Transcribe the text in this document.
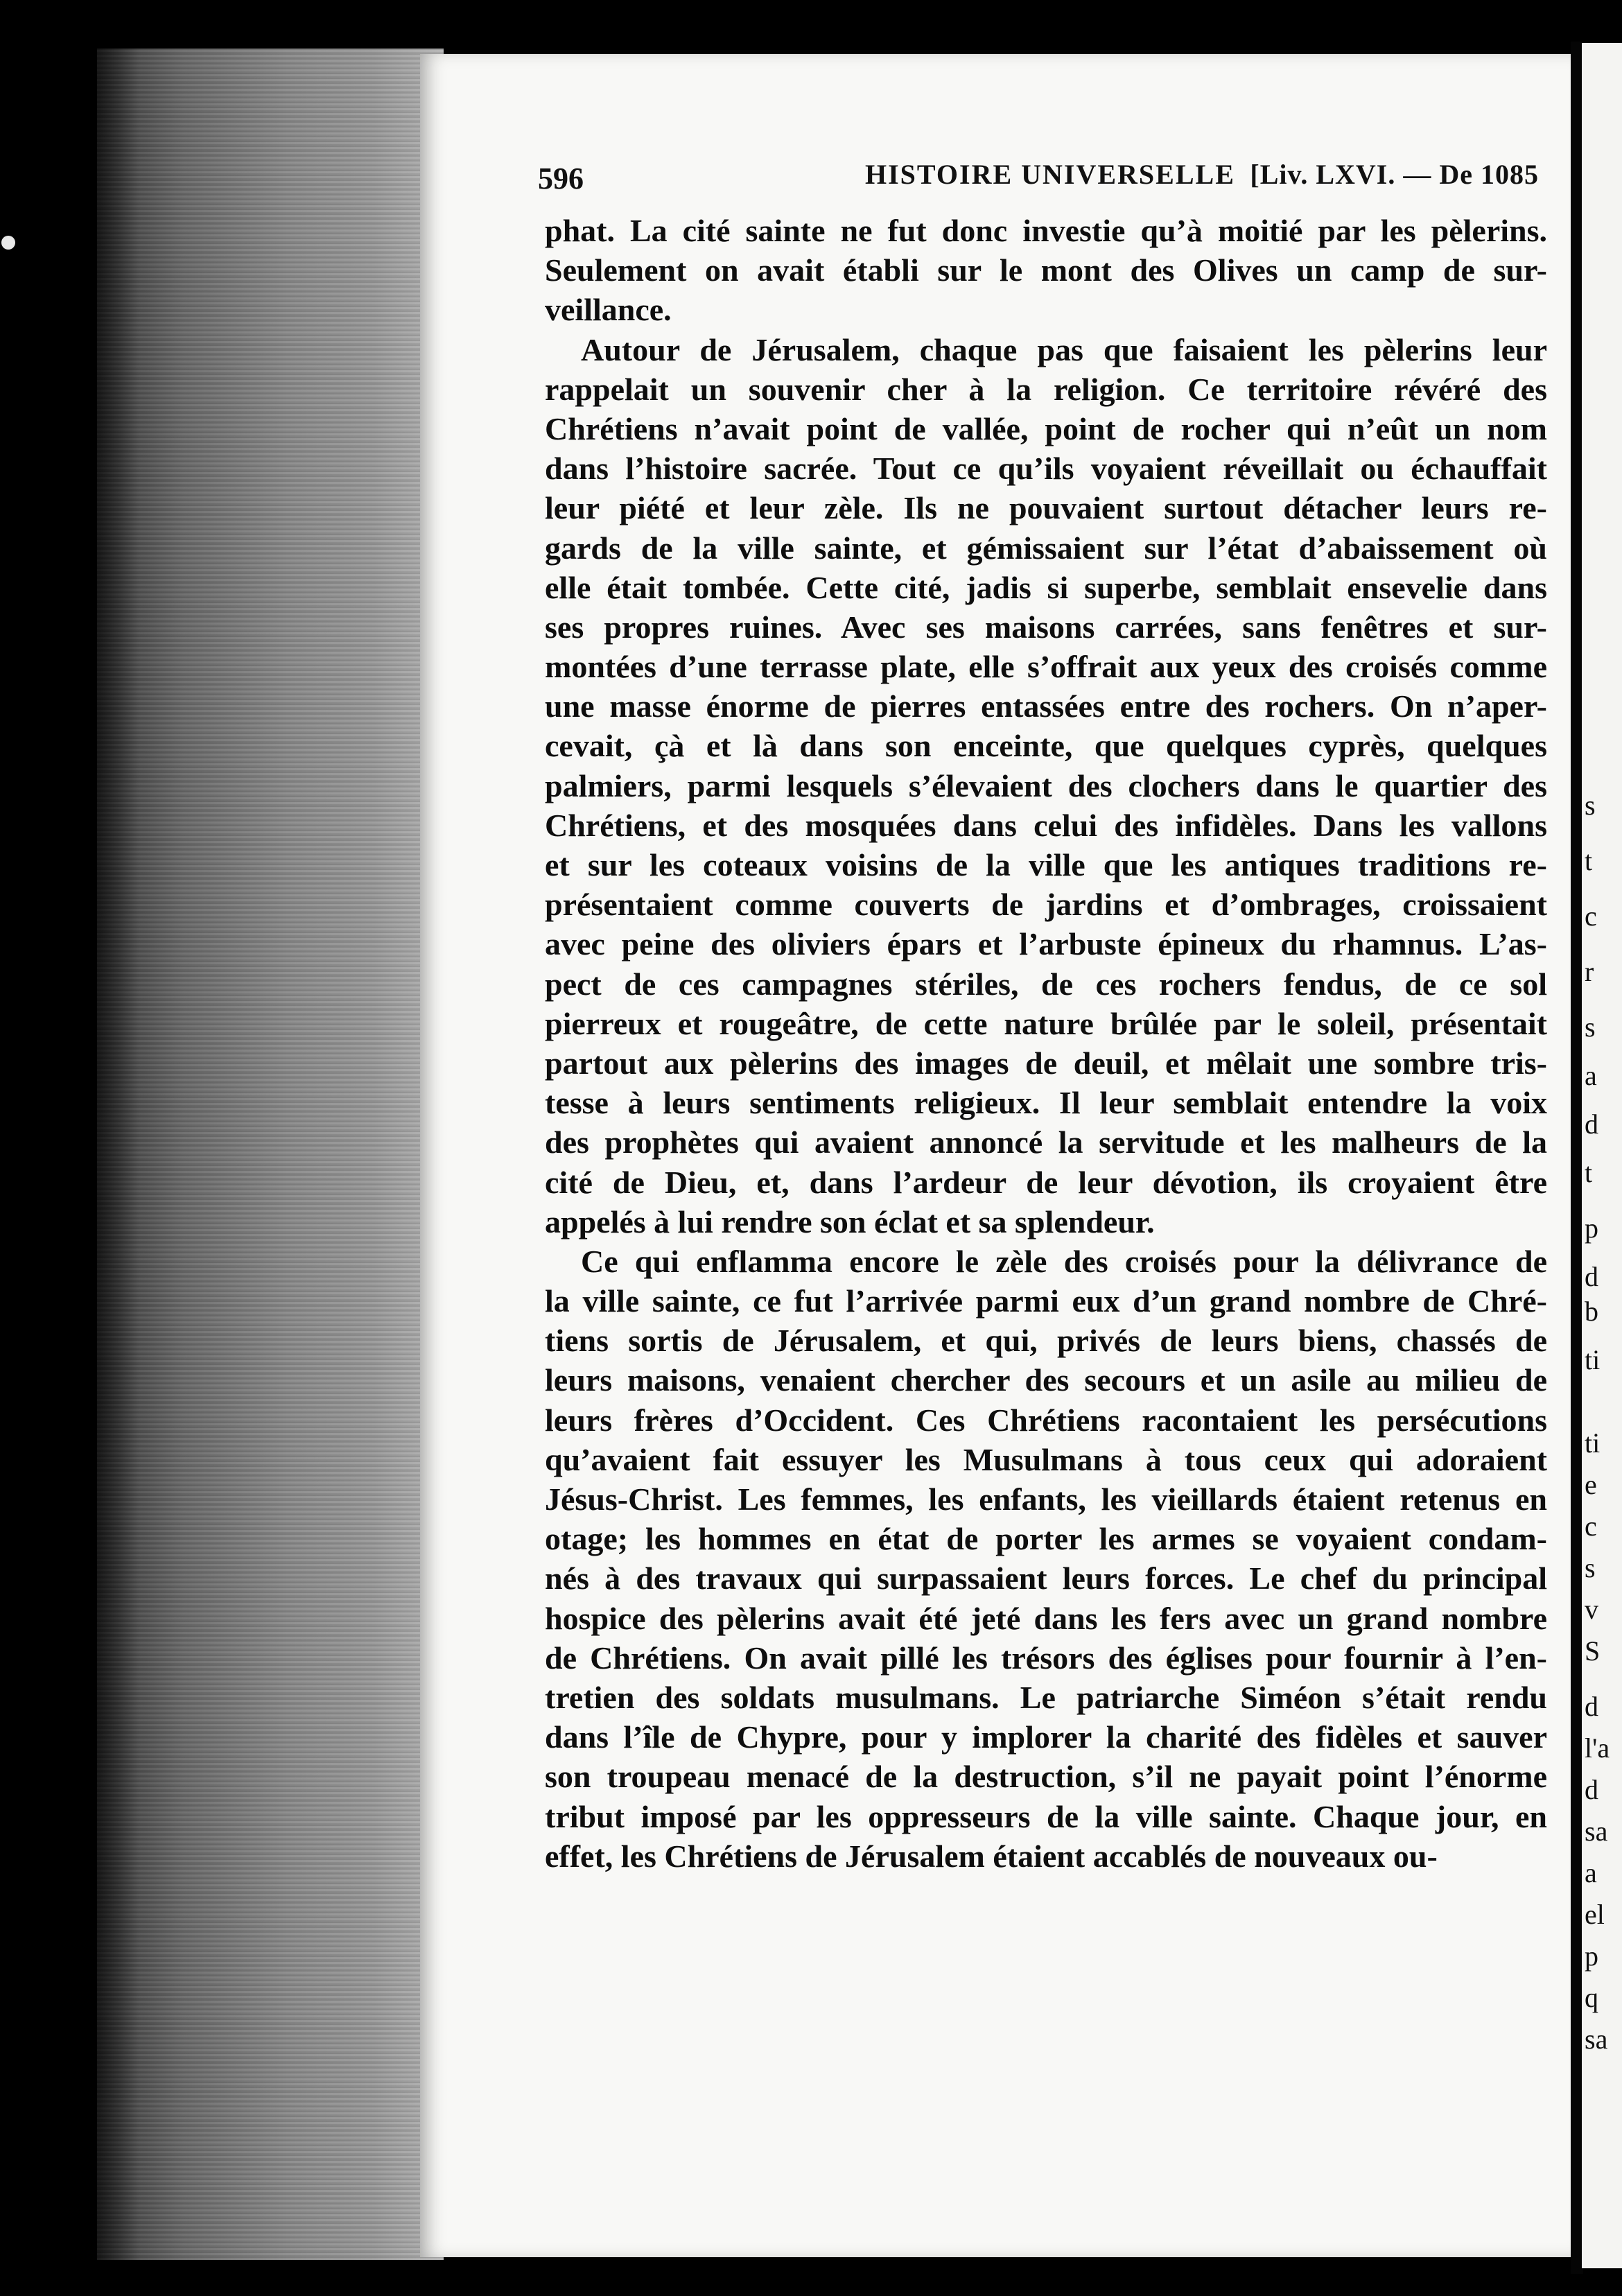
s
t
c
r
s
a
d
t
p
d
b
ti
ti
e
c
s
v
S
d
l'a
d
sa
a
el
p
q
sa
596	HISTOIRE UNIVERSELLE [Liv. LXVI. — De 1085
phat. La cité sainte ne fut donc investie qu’à moitié par les pèlerins.
Seulement on avait établi sur le mont des Olives un camp de sur-
veillance.
Autour de Jérusalem, chaque pas que faisaient les pèlerins leur
rappelait un souvenir cher à la religion. Ce territoire révéré des
Chrétiens n’avait point de vallée, point de rocher qui n’eût un nom
dans l’histoire sacrée. Tout ce qu’ils voyaient réveillait ou échauffait
leur piété et leur zèle. Ils ne pouvaient surtout détacher leurs re-
gards de la ville sainte, et gémissaient sur l’état d’abaissement où
elle était tombée. Cette cité, jadis si superbe, semblait ensevelie dans
ses propres ruines. Avec ses maisons carrées, sans fenêtres et sur-
montées d’une terrasse plate, elle s’offrait aux yeux des croisés comme
une masse énorme de pierres entassées entre des rochers. On n’aper-
cevait, çà et là dans son enceinte, que quelques cyprès, quelques
palmiers, parmi lesquels s’élevaient des clochers dans le quartier des
Chrétiens, et des mosquées dans celui des infidèles. Dans les vallons
et sur les coteaux voisins de la ville que les antiques traditions re-
présentaient comme couverts de jardins et d’ombrages, croissaient
avec peine des oliviers épars et l’arbuste épineux du rhamnus. L’as-
pect de ces campagnes stériles, de ces rochers fendus, de ce sol
pierreux et rougeâtre, de cette nature brûlée par le soleil, présentait
partout aux pèlerins des images de deuil, et mêlait une sombre tris-
tesse à leurs sentiments religieux. Il leur semblait entendre la voix
des prophètes qui avaient annoncé la servitude et les malheurs de la
cité de Dieu, et, dans l’ardeur de leur dévotion, ils croyaient être
appelés à lui rendre son éclat et sa splendeur.
Ce qui enflamma encore le zèle des croisés pour la délivrance de
la ville sainte, ce fut l’arrivée parmi eux d’un grand nombre de Chré-
tiens sortis de Jérusalem, et qui, privés de leurs biens, chassés de
leurs maisons, venaient chercher des secours et un asile au milieu de
leurs frères d’Occident. Ces Chrétiens racontaient les persécutions
qu’avaient fait essuyer les Musulmans à tous ceux qui adoraient
Jésus-Christ. Les femmes, les enfants, les vieillards étaient retenus en
otage; les hommes en état de porter les armes se voyaient condam-
nés à des travaux qui surpassaient leurs forces. Le chef du principal
hospice des pèlerins avait été jeté dans les fers avec un grand nombre
de Chrétiens. On avait pillé les trésors des églises pour fournir à l’en-
tretien des soldats musulmans. Le patriarche Siméon s’était rendu
dans l’île de Chypre, pour y implorer la charité des fidèles et sauver
son troupeau menacé de la destruction, s’il ne payait point l’énorme
tribut imposé par les oppresseurs de la ville sainte. Chaque jour, en
effet, les Chrétiens de Jérusalem étaient accablés de nouveaux ou-
